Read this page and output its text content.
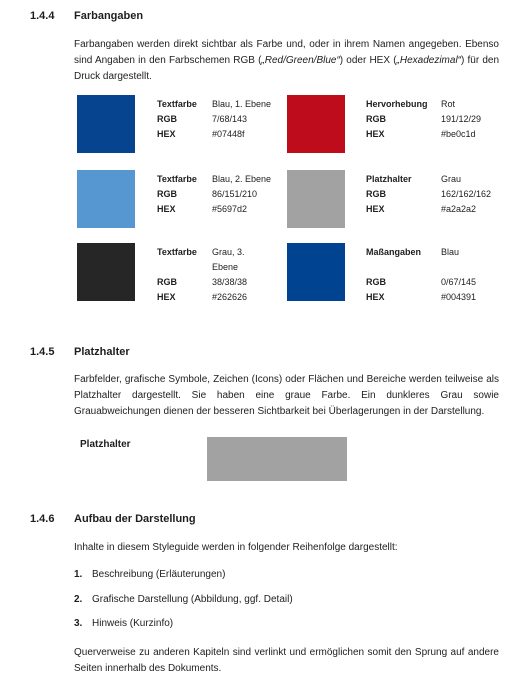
1.4.4 Farbangaben
Farbangaben werden direkt sichtbar als Farbe und, oder in ihrem Namen angegeben. Ebenso sind Angaben in den Farbschemen RGB („Red/Green/Blue“) oder HEX („Hexadezimal“) für den Druck dargestellt.
Textfarbe Blau, 1. Ebene
RGB	7/68/143
HEX	#07448f
Hervorhebung Rot
RGB	191/12/29
HEX	#be0c1d
Textfarbe Blau, 2. Ebene
RGB	86/151/210
HEX	#5697d2
Platzhalter	Grau
RGB	162/162/162
HEX	#a2a2a2
Textfarbe Grau, 3.
Ebene
RGB	38/38/38
HEX	#262626
Maßangaben Blau
RGB	0/67/145
HEX	#004391
1.4.5 Platzhalter
Farbfelder, grafische Symbole, Zeichen (Icons) oder Flächen und Bereiche werden teilweise als Platzhalter dargestellt. Sie haben eine graue Farbe. Ein dunkleres Grau sowie Grauabweichungen dienen der besseren Sichtbarkeit bei Überlagerungen in der Darstellung.
Platzhalter
1.4.6 Aufbau der Darstellung
Inhalte in diesem Styleguide werden in folgender Reihenfolge dargestellt:
1. Beschreibung (Erläuterungen)
2. Grafische Darstellung (Abbildung, ggf. Detail)
3. Hinweis (Kurzinfo)
Querverweise zu anderen Kapiteln sind verlinkt und ermöglichen somit den Sprung auf andere Seiten innerhalb des Dokuments.
